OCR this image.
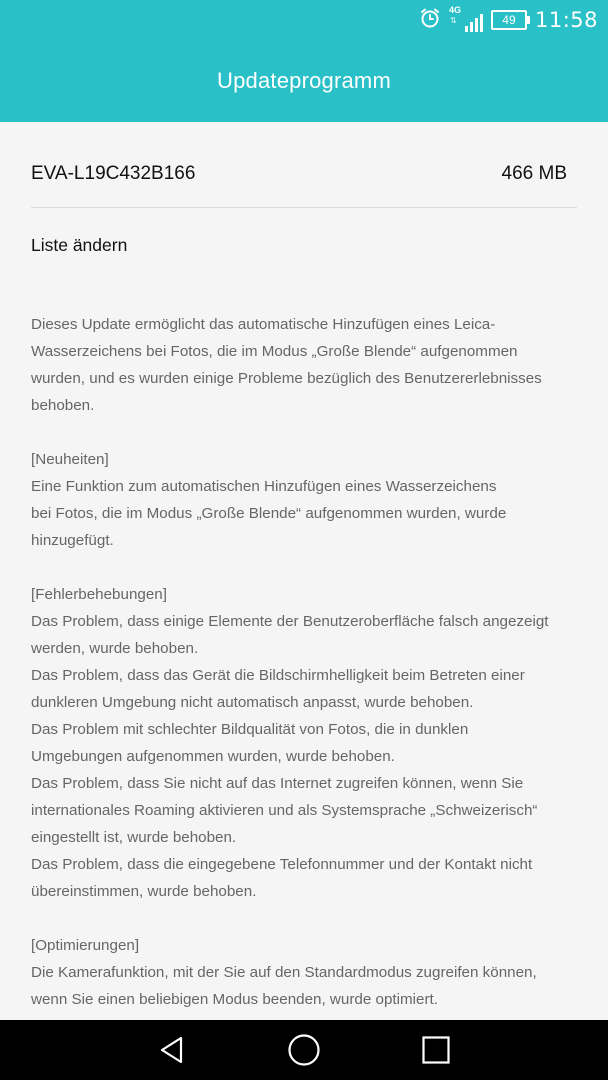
4G
⇅	49 11:58
Updateprogramm
EVA-L19C432B166	466 MB
Liste ändern
Dieses Update ermöglicht das automatische Hinzufügen eines Leica-
Wasserzeichens bei Fotos, die im Modus „Große Blende“ aufgenommen
wurden, und es wurden einige Probleme bezüglich des Benutzererlebnisses
behoben.
[Neuheiten]
Eine Funktion zum automatischen Hinzufügen eines Wasserzeichens
bei Fotos, die im Modus „Große Blende“ aufgenommen wurden, wurde
hinzugefügt.
[Fehlerbehebungen]
Das Problem, dass einige Elemente der Benutzeroberfläche falsch angezeigt
werden, wurde behoben.
Das Problem, dass das Gerät die Bildschirmhelligkeit beim Betreten einer
dunkleren Umgebung nicht automatisch anpasst, wurde behoben.
Das Problem mit schlechter Bildqualität von Fotos, die in dunklen
Umgebungen aufgenommen wurden, wurde behoben.
Das Problem, dass Sie nicht auf das Internet zugreifen können, wenn Sie
internationales Roaming aktivieren und als Systemsprache „Schweizerisch“
eingestellt ist, wurde behoben.
Das Problem, dass die eingegebene Telefonnummer und der Kontakt nicht
übereinstimmen, wurde behoben.
[Optimierungen]
Die Kamerafunktion, mit der Sie auf den Standardmodus zugreifen können,
wenn Sie einen beliebigen Modus beenden, wurde optimiert.
